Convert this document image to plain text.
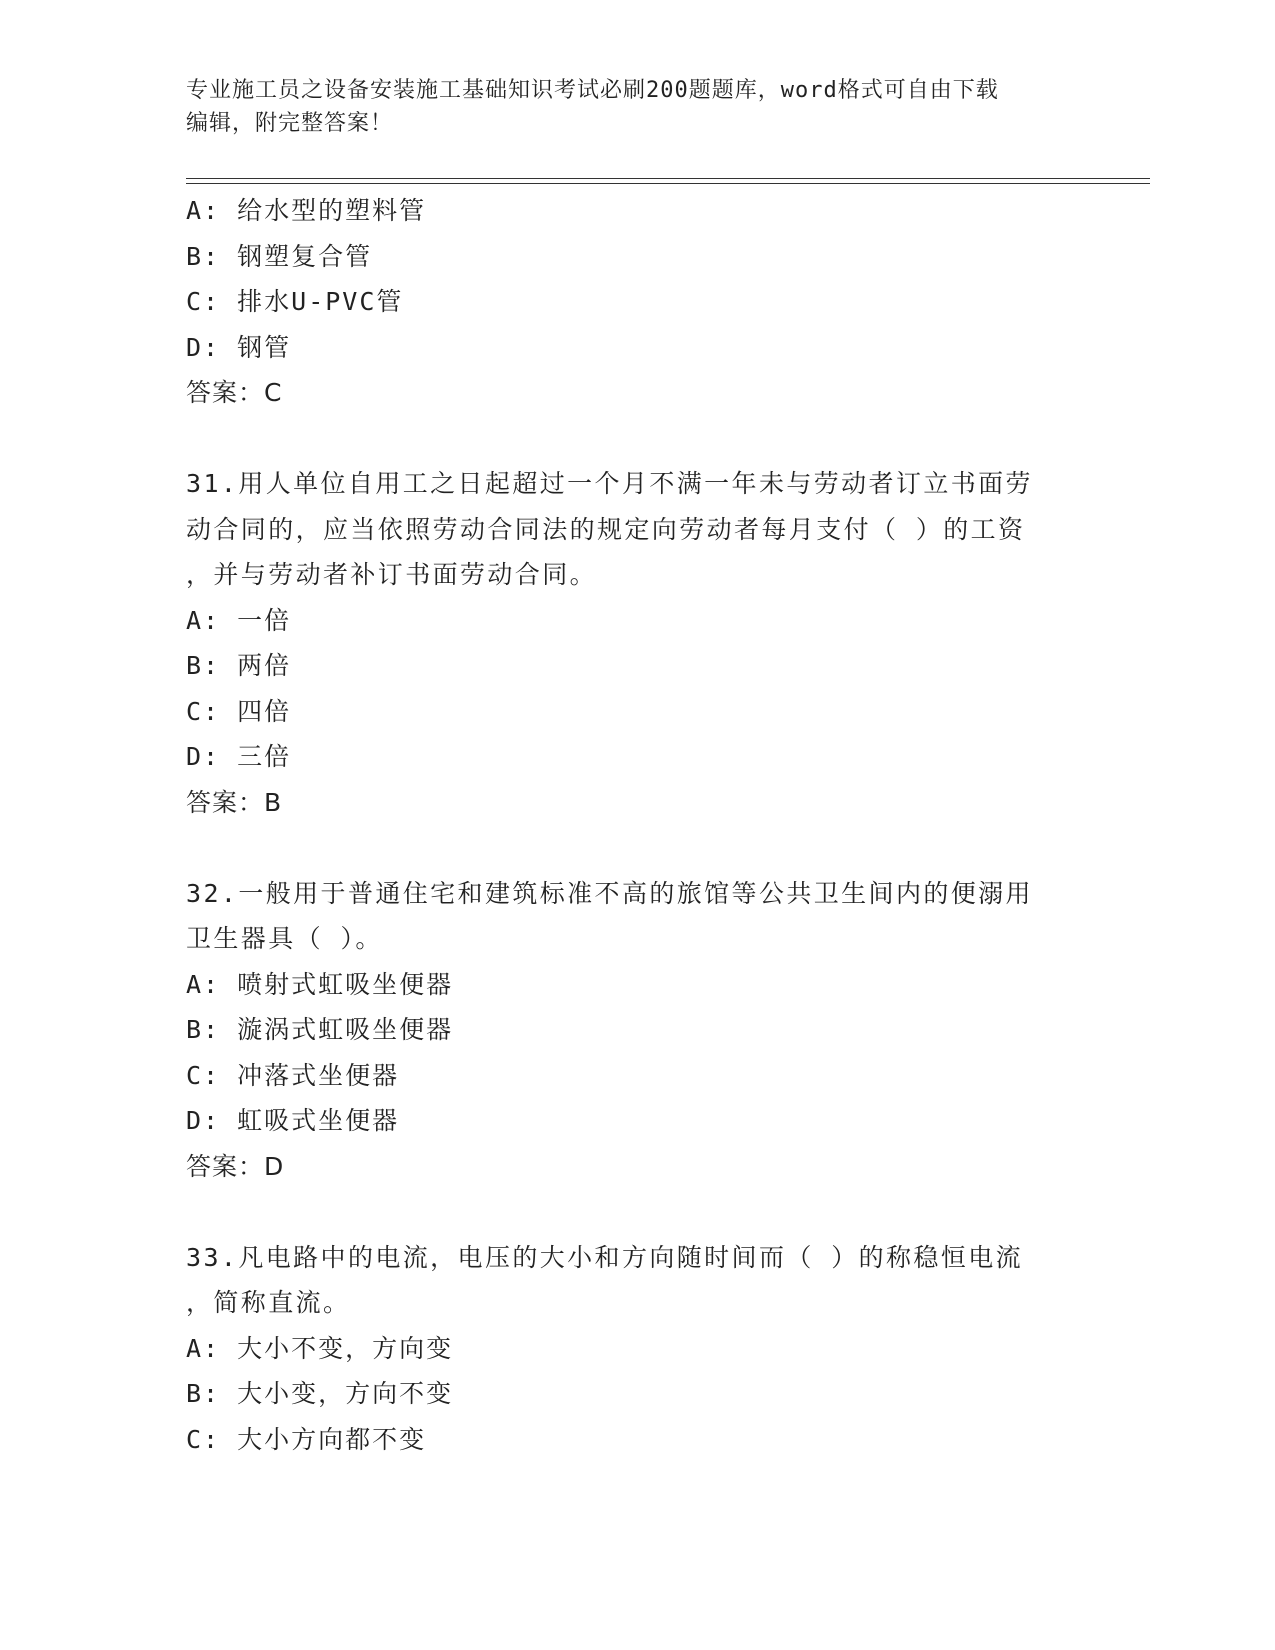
专业施工员之设备安装施工基础知识考试必刷200题题库，word格式可自由下载
编辑，附完整答案！
A: 给水型的塑料管
B: 钢塑复合管
C: 排水U-PVC管
D: 钢管
答案：C
31.用人单位自用工之日起超过一个月不满一年未与劳动者订立书面劳
动合同的，应当依照劳动合同法的规定向劳动者每月支付（ ）的工资
，并与劳动者补订书面劳动合同。
A: 一倍
B: 两倍
C: 四倍
D: 三倍
答案：B
32.一般用于普通住宅和建筑标准不高的旅馆等公共卫生间内的便溺用
卫生器具（ ）。
A: 喷射式虹吸坐便器
B: 漩涡式虹吸坐便器
C: 冲落式坐便器
D: 虹吸式坐便器
答案：D
33.凡电路中的电流，电压的大小和方向随时间而（ ）的称稳恒电流
，简称直流。
A: 大小不变，方向变
B: 大小变，方向不变
C: 大小方向都不变
